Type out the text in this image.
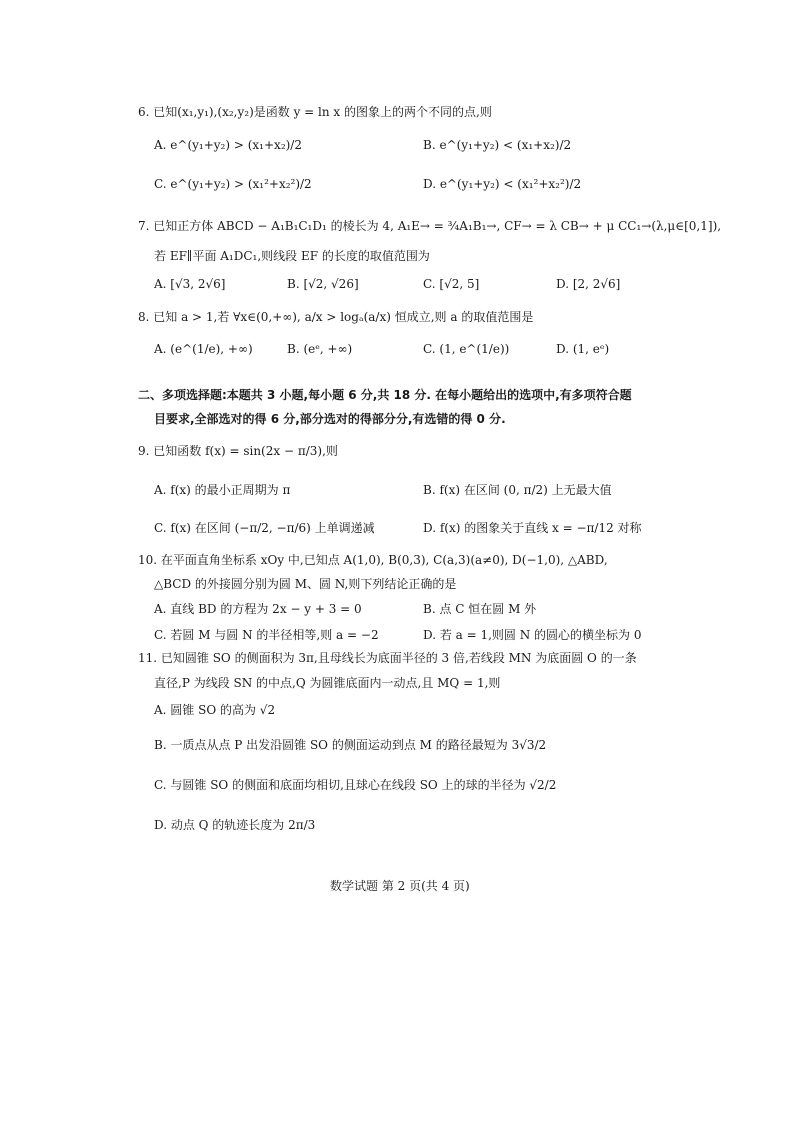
6. 已知(x₁,y₁),(x₂,y₂)是函数 y = ln x 的图象上的两个不同的点,则
A. e^(y₁+y₂) > (x₁+x₂)/2	B. e^(y₁+y₂) < (x₁+x₂)/2
C. e^(y₁+y₂) > (x₁²+x₂²)/2	D. e^(y₁+y₂) < (x₁²+x₂²)/2
7. 已知正方体 ABCD − A₁B₁C₁D₁ 的棱长为 4, A₁E→ = ¾A₁B₁→, CF→ = λ CB→ + μ CC₁→(λ,μ∈[0,1]),
若 EF∥平面 A₁DC₁,则线段 EF 的长度的取值范围为
A. [√3, 2√6]	B. [√2, √26]	C. [√2, 5]	D. [2, 2√6]
8. 已知 a > 1,若 ∀x∈(0,+∞), a/x > logₐ(a/x) 恒成立,则 a 的取值范围是
A. (e^(1/e), +∞)	B. (eᵉ, +∞)	C. (1, e^(1/e))	D. (1, eᵉ)
二、多项选择题:本题共 3 小题,每小题 6 分,共 18 分. 在每小题给出的选项中,有多项符合题
目要求,全部选对的得 6 分,部分选对的得部分分,有选错的得 0 分.
9. 已知函数 f(x) = sin(2x − π/3),则
A. f(x) 的最小正周期为 π	B. f(x) 在区间 (0, π/2) 上无最大值
C. f(x) 在区间 (−π/2, −π/6) 上单调递减	D. f(x) 的图象关于直线 x = −π/12 对称
10. 在平面直角坐标系 xOy 中,已知点 A(1,0), B(0,3), C(a,3)(a≠0), D(−1,0), △ABD,
△BCD 的外接圆分别为圆 M、圆 N,则下列结论正确的是
A. 直线 BD 的方程为 2x − y + 3 = 0	B. 点 C 恒在圆 M 外
C. 若圆 M 与圆 N 的半径相等,则 a = −2	D. 若 a = 1,则圆 N 的圆心的横坐标为 0
11. 已知圆锥 SO 的侧面积为 3π,且母线长为底面半径的 3 倍,若线段 MN 为底面圆 O 的一条
直径,P 为线段 SN 的中点,Q 为圆锥底面内一动点,且 MQ = 1,则
A. 圆锥 SO 的高为 √2
B. 一质点从点 P 出发沿圆锥 SO 的侧面运动到点 M 的路径最短为 3√3/2
C. 与圆锥 SO 的侧面和底面均相切,且球心在线段 SO 上的球的半径为 √2/2
D. 动点 Q 的轨迹长度为 2π/3
数学试题 第 2 页(共 4 页)
